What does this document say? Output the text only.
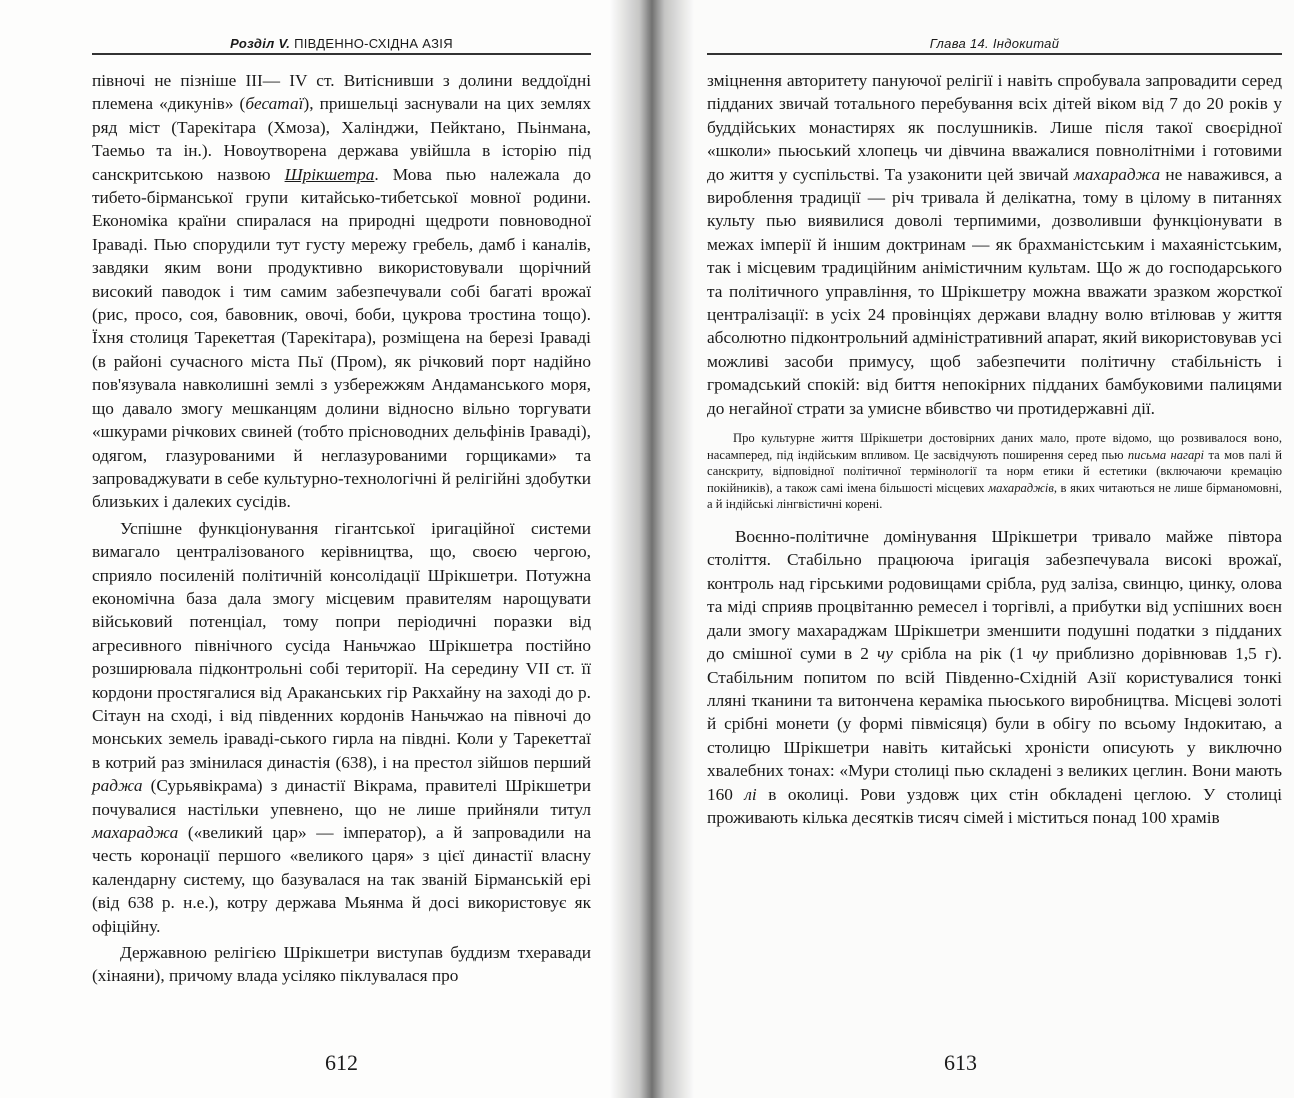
Розділ V. ПІВДЕННО-СХІДНА АЗІЯ

півночі не пізніше III— IV ст. Витіснивши з долини веддоїдні племена «дикунів» (бесатаї), пришельці заснували на цих землях ряд міст (Тарекітара (Хмоза), Халінджи, Пейктано, Пьінмана, Таемьо та ін.). Новоутворена держава увійшла в історію під санскритською назвою Шрікшетра. Мова пью належала до тибето-бірманської групи китайсько-тибетської мовної родини. Економіка країни спиралася на природні щедроти повноводної Іраваді. Пью спорудили тут густу мережу гребель, дамб і каналів, завдяки яким вони продуктивно використовували щорічний високий паводок і тим самим забезпечували собі багаті врожаї (рис, просо, соя, бавовник, овочі, боби, цукрова тростина тощо). Їхня столиця Тарекеттая (Тарекітара), розміщена на березі Іраваді (в районі сучасного міста Пьї (Пром), як річковий порт надійно пов'язувала навколишні землі з узбережжям Андаманського моря, що давало змогу мешканцям долини відносно вільно торгувати «шкурами річкових свиней (тобто прісноводних дельфінів Іраваді), одягом, глазурованими й неглазурованими горщиками» та запроваджувати в себе культурно-технологічні й релігійні здобутки близьких і далеких сусідів.

Успішне функціонування гігантської іригаційної системи вимагало централізованого керівництва, що, своєю чергою, сприяло посиленій політичній консолідації Шрікшетри. Потужна економічна база дала змогу місцевим правителям нарощувати військовий потенціал, тому попри періодичні поразки від агресивного північного сусіда Наньчжао Шрікшетра постійно розширювала підконтрольні собі території. На середину VII ст. її кордони простягалися від Араканських гір Ракхайну на заході до р. Сітаун на сході, і від південних кордонів Наньчжао на півночі до монських земель іраваді-ського гирла на півдні. Коли у Тарекеттаї в котрий раз змінилася династія (638), і на престол зійшов перший раджа (Сурьявікрама) з династії Вікрама, правителі Шрікшетри почувалися настільки упевнено, що не лише прийняли титул махараджа («великий цар» — імператор), а й запровадили на честь коронації першого «великого царя» з цієї династії власну календарну систему, що базувалася на так званій Бірманській ері (від 638 р. н.е.), котру держава Мьянма й досі використовує як офіційну.

Державною релігією Шрікшетри виступав буддизм тхеравади (хінаяни), причому влада усіляко піклувалася про

612
Глава 14. Індокитай

зміцнення авторитету пануючої релігії і навіть спробувала запровадити серед підданих звичай тотального перебування всіх дітей віком від 7 до 20 років у буддійських монастирях як послушників. Лише після такої своєрідної «школи» пьюський хлопець чи дівчина вважалися повнолітніми і готовими до життя у суспільстві. Та узаконити цей звичай махараджа не наважився, а вироблення традиції — річ тривала й делікатна, тому в цілому в питаннях культу пью виявилися доволі терпимими, дозволивши функціонувати в межах імперії й іншим доктринам — як брахманістським і махаяністським, так і місцевим традиційним анімістичним культам. Що ж до господарського та політичного управління, то Шрікшетру можна вважати зразком жорсткої централізації: в усіх 24 провінціях держави владну волю втілював у життя абсолютно підконтрольний адміністративний апарат, який використовував усі можливі засоби примусу, щоб забезпечити політичну стабільність і громадський спокій: від биття непокірних підданих бамбуковими палицями до негайної страти за умисне вбивство чи протидержавні дії.

Про культурне життя Шрікшетри достовірних даних мало, проте відомо, що розвивалося воно, насамперед, під індійським впливом. Це засвідчують поширення серед пью письма нагарі та мов палі й санскриту, відповідної політичної термінології та норм етики й естетики (включаючи кремацію покійників), а також самі імена більшості місцевих махараджів, в яких читаються не лише бірманомовні, а й індійські лінгвістичні корені.

Воєнно-політичне домінування Шрікшетри тривало майже півтора століття. Стабільно працююча іригація забезпечувала високі врожаї, контроль над гірськими родовищами срібла, руд заліза, свинцю, цинку, олова та міді сприяв процвітанню ремесел і торгівлі, а прибутки від успішних воєн дали змогу махараджам Шрікшетри зменшити подушні податки з підданих до смішної суми в 2 чу срібла на рік (1 чу приблизно дорівнював 1,5 г). Стабільним попитом по всій Південно-Східній Азії користувалися тонкі лляні тканини та витончена кераміка пьюського виробництва. Місцеві золоті й срібні монети (у формі півмісяця) були в обігу по всьому Індокитаю, а столицю Шрікшетри навіть китайські хроністи описують у виключно хвалебних тонах: «Мури столиці пью складені з великих цеглин. Вони мають 160 лі в околиці. Рови уздовж цих стін обкладені цеглою. У столиці проживають кілька десятків тисяч сімей і міститься понад 100 храмів

613
